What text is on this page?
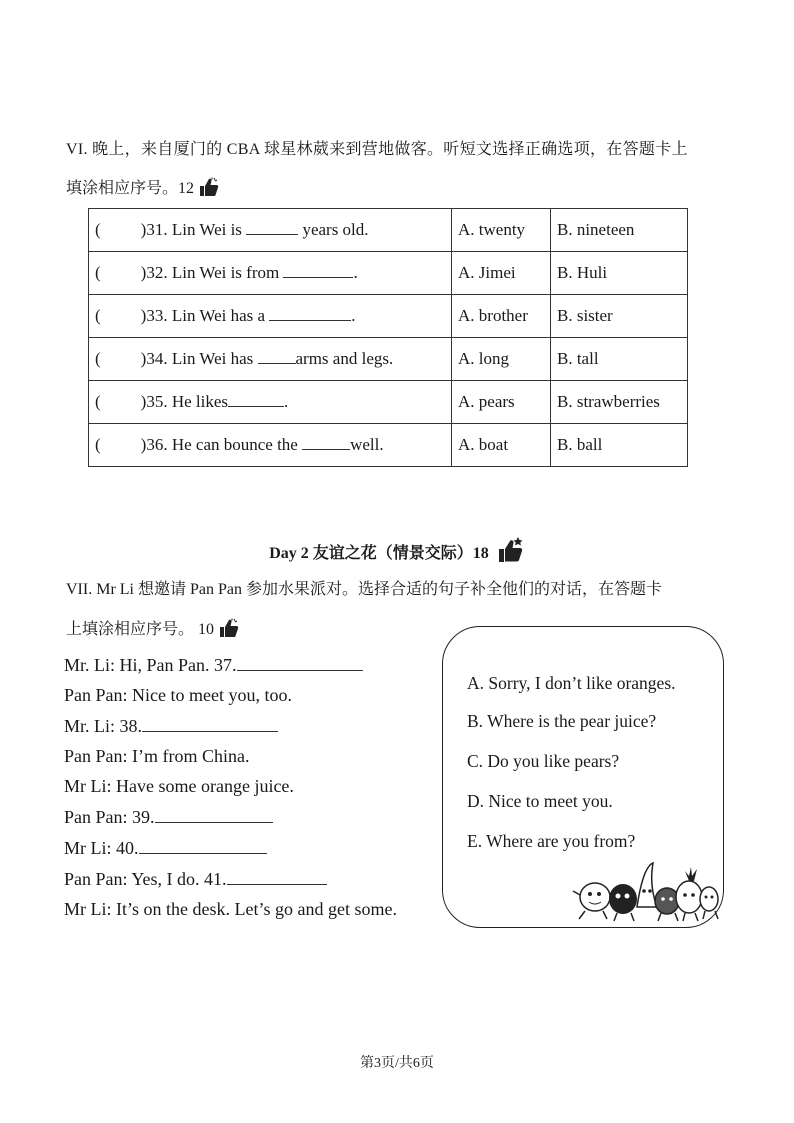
VI. 晚上，来自厦门的 CBA 球星林葳来到营地做客。听短文选择正确选项，在答题卡上
填涂相应序号。12
( )31. Lin Wei is years old.	A. twenty	B. nineteen
( )32. Lin Wei is from .	A. Jimei	B. Huli
( )33. Lin Wei has a .	A. brother	B. sister
( )34. Lin Wei has arms and legs.	A. long	B. tall
( )35. He likes .	A. pears	B. strawberries
( )36. He can bounce the well.	A. boat	B. ball
Day 2 友谊之花（情景交际）18
VII. Mr Li 想邀请 Pan Pan 参加水果派对。选择合适的句子补全他们的对话，在答题卡
上填涂相应序号。 10
Mr. Li: Hi, Pan Pan. 37.
Pan Pan: Nice to meet you, too.
Mr. Li: 38.
Pan Pan: I’m from China.
Mr Li: Have some orange juice.
Pan Pan: 39.
Mr Li: 40.
Pan Pan: Yes, I do. 41.
Mr Li: It’s on the desk. Let’s go and get some.
A. Sorry, I don’t like oranges.
B. Where is the pear juice?
C. Do you like pears?
D. Nice to meet you.
E. Where are you from?
第3页/共6页
